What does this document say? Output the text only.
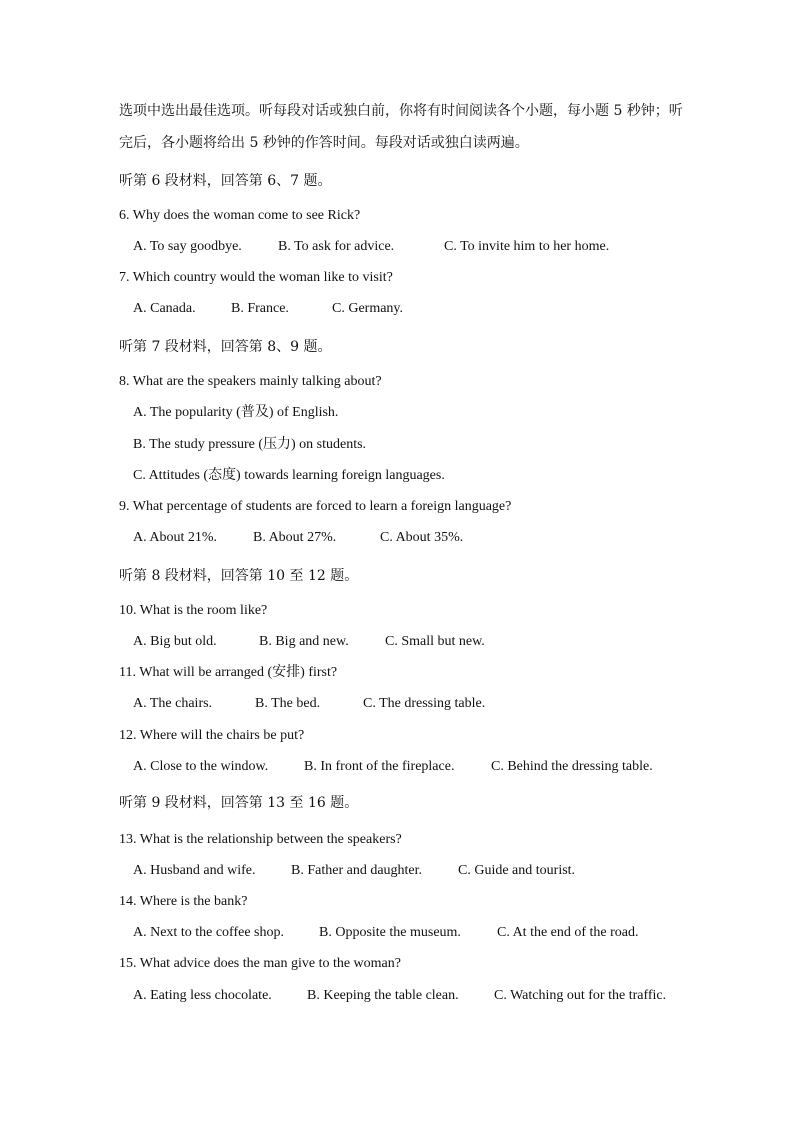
选项中选出最佳选项。听每段对话或独白前，你将有时间阅读各个小题，每小题 5 秒钟；听
完后，各小题将给出 5 秒钟的作答时间。每段对话或独白读两遍。
听第 6 段材料，回答第 6、7 题。
6. Why does the woman come to see Rick?
A. To say goodbye.	B. To ask for advice.	C. To invite him to her home.
7. Which country would the woman like to visit?
A. Canada.	B. France.	C. Germany.
听第 7 段材料，回答第 8、9 题。
8. What are the speakers mainly talking about?
A. The popularity (普及) of English.
B. The study pressure (压力) on students.
C. Attitudes (态度) towards learning foreign languages.
9. What percentage of students are forced to learn a foreign language?
A. About 21%.	B. About 27%.	C. About 35%.
听第 8 段材料，回答第 10 至 12 题。
10. What is the room like?
A. Big but old.	B. Big and new.	C. Small but new.
11. What will be arranged (安排) first?
A. The chairs.	B. The bed.	C. The dressing table.
12. Where will the chairs be put?
A. Close to the window.	B. In front of the fireplace.	C. Behind the dressing table.
听第 9 段材料，回答第 13 至 16 题。
13. What is the relationship between the speakers?
A. Husband and wife.	B. Father and daughter.	C. Guide and tourist.
14. Where is the bank?
A. Next to the coffee shop.	B. Opposite the museum.	C. At the end of the road.
15. What advice does the man give to the woman?
A. Eating less chocolate.	B. Keeping the table clean.	C. Watching out for the traffic.
